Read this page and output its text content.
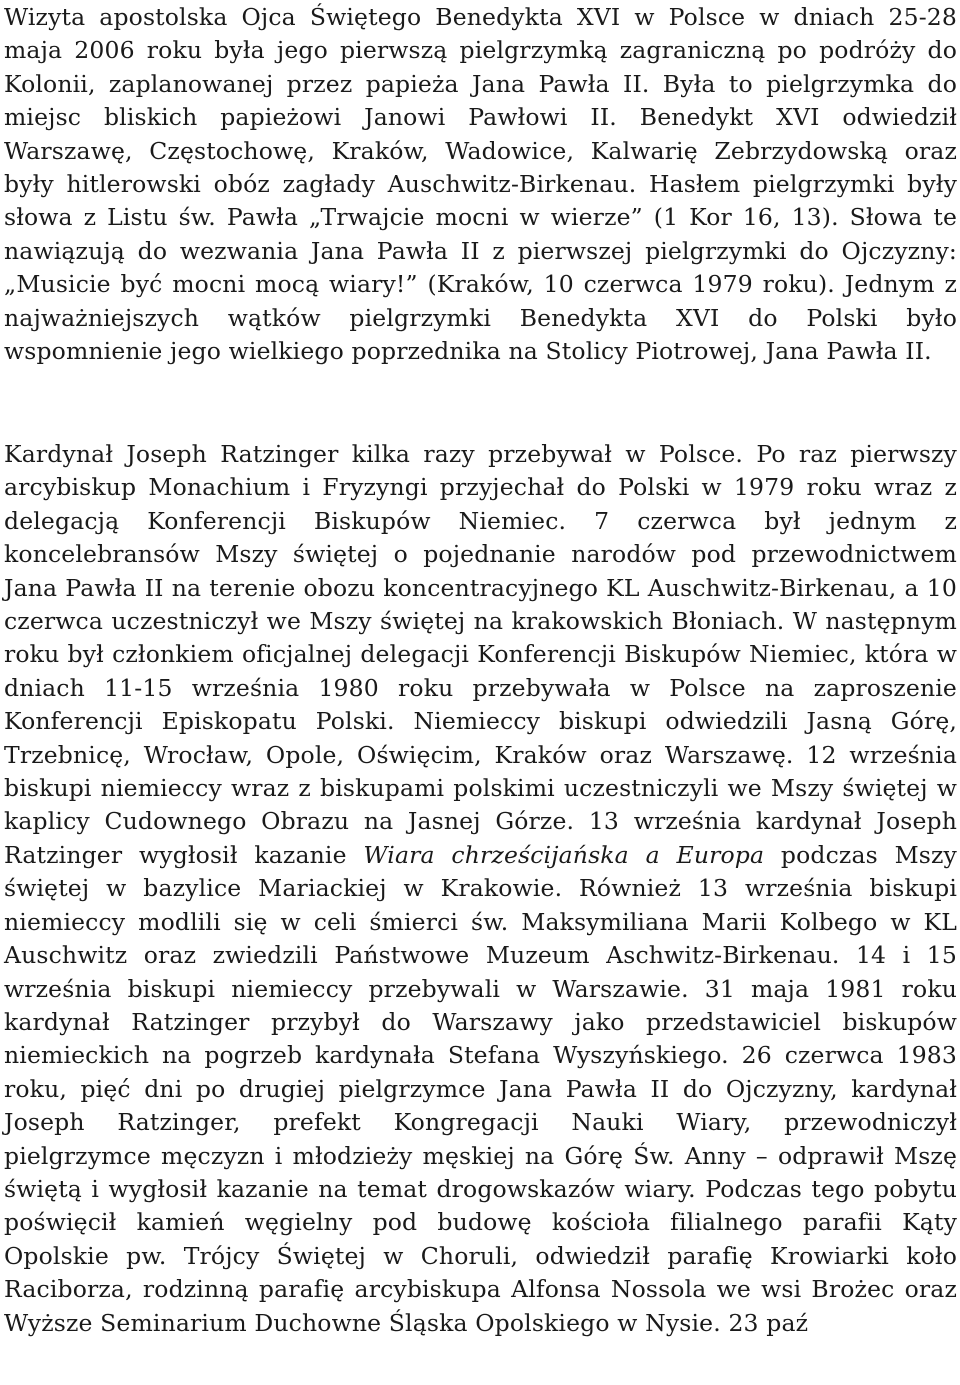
Wizyta apostolska Ojca Świętego Benedykta XVI w Polsce w dniach 25-28 maja 2006 roku była jego pierwszą pielgrzymką zagraniczną po podróży do Kolonii, zaplanowanej przez papieża Jana Pawła II. Była to pielgrzymka do miejsc bliskich papieżowi Janowi Pawłowi II. Benedykt XVI odwiedził Warszawę, Częstochowę, Kraków, Wadowice, Kalwarię Zebrzydowską oraz były hitlerowski obóz zagłady Auschwitz-Birkenau. Hasłem pielgrzymki były słowa z Listu św. Pawła „Trwajcie mocni w wierze” (1 Kor 16, 13). Słowa te nawiązują do wezwania Jana Pawła II z pierwszej pielgrzymki do Ojczyzny: „Musicie być mocni mocą wiary!” (Kraków, 10 czerwca 1979 roku). Jednym z najważniejszych wątków pielgrzymki Benedykta XVI do Polski było wspomnienie jego wielkiego poprzednika na Stolicy Piotrowej, Jana Pawła II.

Kardynał Joseph Ratzinger kilka razy przebywał w Polsce. Po raz pierwszy arcybiskup Monachium i Fryzyngi przyjechał do Polski w 1979 roku wraz z delegacją Konferencji Biskupów Niemiec. 7 czerwca był jednym z koncelebransów Mszy świętej o pojednanie narodów pod przewodnictwem Jana Pawła II na terenie obozu koncentracyjnego KL Auschwitz-Birkenau, a 10 czerwca uczestniczył we Mszy świętej na krakowskich Błoniach. W następnym roku był członkiem oficjalnej delegacji Konferencji Biskupów Niemiec, która w dniach 11-15 września 1980 roku przebywała w Polsce na zaproszenie Konferencji Episkopatu Polski. Niemieccy biskupi odwiedzili Jasną Górę, Trzebnicę, Wrocław, Opole, Oświęcim, Kraków oraz Warszawę. 12 września biskupi niemieccy wraz z biskupami polskimi uczestniczyli we Mszy świętej w kaplicy Cudownego Obrazu na Jasnej Górze. 13 września kardynał Joseph Ratzinger wygłosił kazanie Wiara chrześcijańska a Europa podczas Mszy świętej w bazylice Mariackiej w Krakowie. Również 13 września biskupi niemieccy modlili się w celi śmierci św. Maksymiliana Marii Kolbego w KL Auschwitz oraz zwiedzili Państwowe Muzeum Aschwitz-Birkenau. 14 i 15 września biskupi niemieccy przebywali w Warszawie. 31 maja 1981 roku kardynał Ratzinger przybył do Warszawy jako przedstawiciel biskupów niemieckich na pogrzeb kardynała Stefana Wyszyńskiego. 26 czerwca 1983 roku, pięć dni po drugiej pielgrzymce Jana Pawła II do Ojczyzny, kardynał Joseph Ratzinger, prefekt Kongregacji Nauki Wiary, przewodniczył pielgrzymce męczyzn i młodzieży męskiej na Górę Św. Anny – odprawił Mszę świętą i wygłosił kazanie na temat drogowskazów wiary. Podczas tego pobytu poświęcił kamień węgielny pod budowę kościoła filialnego parafii Kąty Opolskie pw. Trójcy Świętej w Choruli, odwiedził parafię Krowiarki koło Raciborza, rodzinną parafię arcybiskupa Alfonsa Nossola we wsi Brożec oraz Wyższe Seminarium Duchowne Śląska Opolskiego w Nysie. 23 paź
